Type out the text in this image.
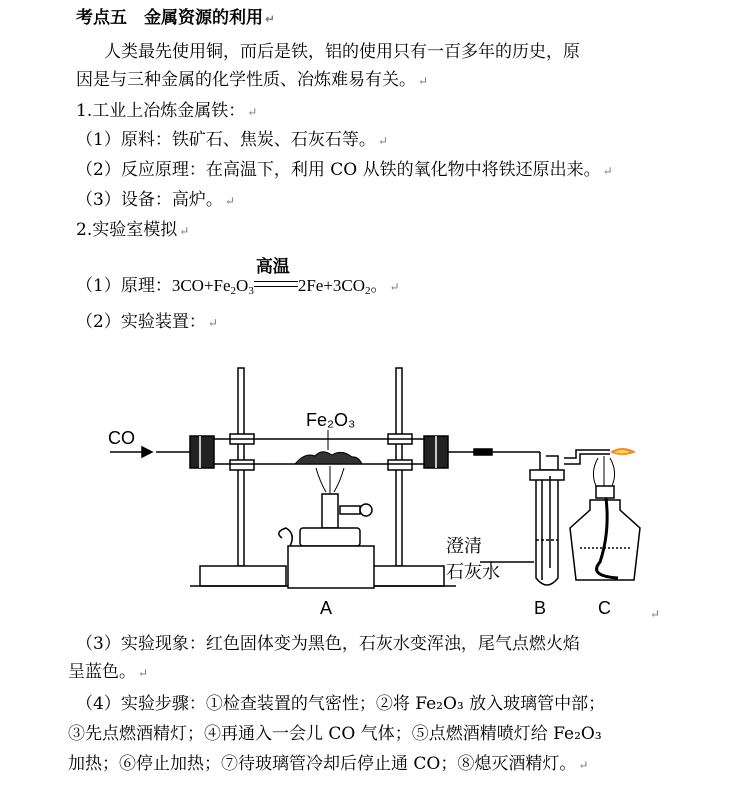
考点五　金属资源的利用 ↵
人类最先使用铜，而后是铁，铝的使用只有一百多年的历史，原
因是与三种金属的化学性质、冶炼难易有关。 ↵
1.工业上冶炼金属铁： ↵
（1）原料：铁矿石、焦炭、石灰石等。 ↵
（2）反应原理：在高温下，利用 CO 从铁的氧化物中将铁还原出来。 ↵
（3）设备：高炉。 ↵
2.实验室模拟 ↵
（1）原理：$3CO+Fe_2O_3$
高温
$2Fe+3CO_2$。 ↵
（2）实验装置： ↵
CO
Fe₂O₃
澄清
石灰水
A	B	C	↵
（3）实验现象：红色固体变为黑色，石灰水变浑浊，尾气点燃火焰
呈蓝色。 ↵
（4）实验步骤：①检查装置的气密性；②将 Fe₂O₃ 放入玻璃管中部；
③先点燃酒精灯；④再通入一会儿 CO 气体；⑤点燃酒精喷灯给 Fe₂O₃
加热；⑥停止加热；⑦待玻璃管冷却后停止通 CO；⑧熄灭酒精灯。 ↵
